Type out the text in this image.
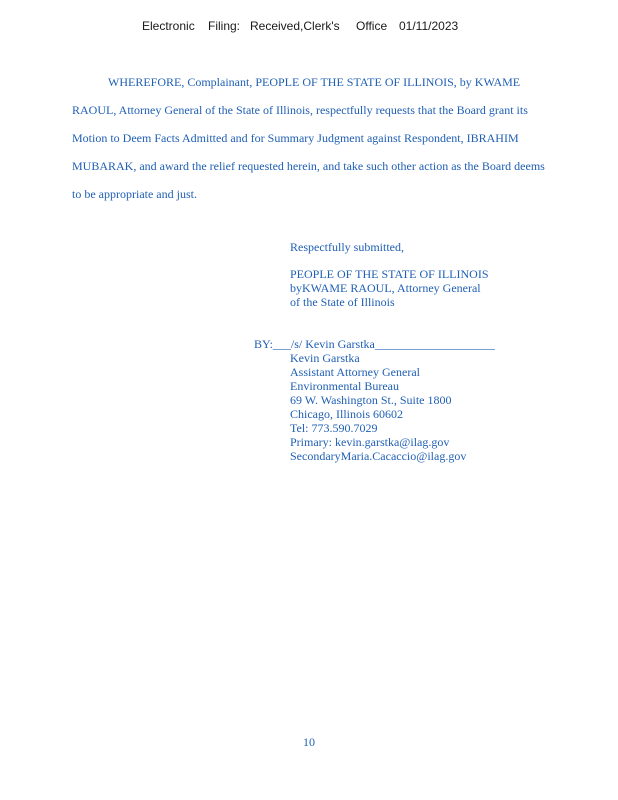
Electronic Filing: Received,Clerk's Office 01/11/2023
WHEREFORE, Complainant, PEOPLE OF THE STATE OF ILLINOIS, by KWAME
RAOUL, Attorney General of the State of Illinois, respectfully requests that the Board grant its
Motion to Deem Facts Admitted and for Summary Judgment against Respondent, IBRAHIM
MUBARAK, and award the relief requested herein, and take such other action as the Board deems
to be appropriate and just.
Respectfully submitted,
PEOPLE OF THE STATE OF ILLINOIS
byKWAME RAOUL, Attorney General
of the State of Illinois
BY:___/s/ Kevin Garstka____________________
Kevin Garstka
Assistant Attorney General
Environmental Bureau
69 W. Washington St., Suite 1800
Chicago, Illinois 60602
Tel: 773.590.7029
Primary: kevin.garstka@ilag.gov
SecondaryMaria.Cacaccio@ilag.gov
10
